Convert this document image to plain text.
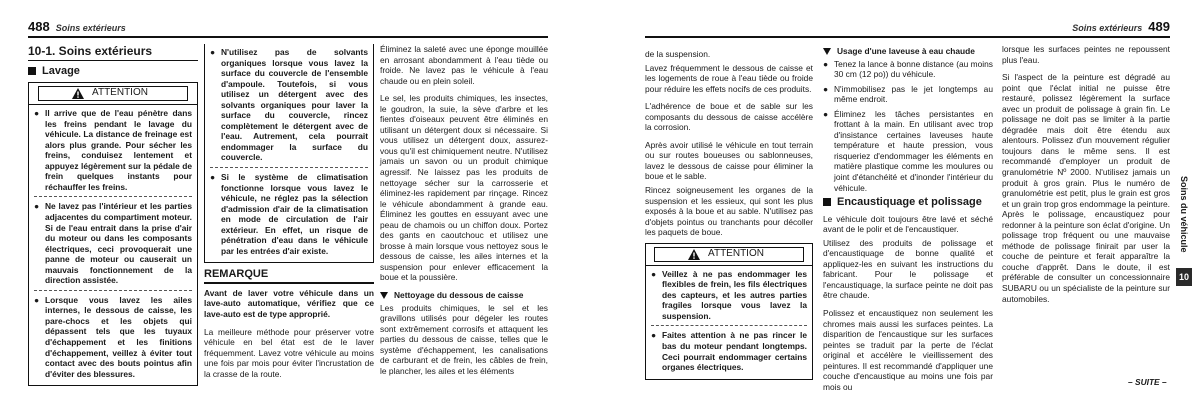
488 Soins extérieurs
10-1. Soins extérieurs
Lavage
ATTENTION
● Il arrive que de l'eau pénètre dans les freins pendant le lavage du véhicule. La distance de freinage est alors plus grande. Pour sécher les freins, conduisez lentement et appuyez légèrement sur la pédale de frein quelques instants pour réchauffer les freins.
● Ne lavez pas l'intérieur et les parties adjacentes du compartiment moteur. Si de l'eau entrait dans la prise d'air du moteur ou dans les composants électriques, ceci provoquerait une panne de moteur ou causerait un mauvais fonctionnement de la direction assistée.
● Lorsque vous lavez les ailes internes, le dessous de caisse, les pare-chocs et les objets qui dépassent tels que les tuyaux d'échappement et les finitions d'échappement, veillez à éviter tout contact avec des bouts pointus afin d'éviter des blessures.
● N'utilisez pas de solvants organiques lorsque vous lavez la surface du couvercle de l'ensemble d'ampoule. Toutefois, si vous utilisez un détergent avec des solvants organiques pour laver la surface du couvercle, rincez complètement le détergent avec de l'eau. Autrement, cela pourrait endommager la surface du couvercle.
● Si le système de climatisation fonctionne lorsque vous lavez le véhicule, ne réglez pas la sélection d'admission d'air de la climatisation en mode de circulation de l'air extérieur. En effet, un risque de pénétration d'eau dans le véhicule par les entrées d'air existe.
REMARQUE

Avant de laver votre véhicule dans un lave-auto automatique, vérifiez que ce lave-auto est de type approprié.

La meilleure méthode pour préserver votre véhicule en bel état est de le laver fréquemment. Lavez votre véhicule au moins une fois par mois pour éviter l'incrustation de la crasse de la route.

Éliminez la saleté avec une éponge mouillée en arrosant abondamment à l'eau tiède ou froide. Ne lavez pas le véhicule à l'eau chaude ou en plein soleil.

Le sel, les produits chimiques, les insectes, le goudron, la suie, la sève d'arbre et les fientes d'oiseaux peuvent être éliminés en utilisant un détergent doux si nécessaire. Si vous utilisez un détergent doux, assurez-vous qu'il est chimiquement neutre. N'utilisez jamais un savon ou un produit chimique agressif. Ne laissez pas les produits de nettoyage sécher sur la carrosserie et éliminez-les rapidement par rinçage. Rincez le véhicule abondamment à grande eau. Éliminez les gouttes en essuyant avec une peau de chamois ou un chiffon doux. Portez des gants en caoutchouc et utilisez une brosse à main lorsque vous nettoyez sous le dessous de caisse, les ailes internes et la suspension pour enlever efficacement la boue et la poussière.

Nettoyage du dessous de caisse

Les produits chimiques, le sel et les gravillons utilisés pour dégeler les routes sont extrêmement corrosifs et attaquent les parties du dessous de caisse, telles que le système d'échappement, les canalisations de carburant et de frein, les câbles de frein, le plancher, les ailes et les éléments

Soins extérieurs 489

de la suspension.

Lavez fréquemment le dessous de caisse et les logements de roue à l'eau tiède ou froide pour réduire les effets nocifs de ces produits.

L'adhérence de boue et de sable sur les composants du dessous de caisse accélère la corrosion.

Après avoir utilisé le véhicule en tout terrain ou sur routes boueuses ou sablonneuses, lavez le dessous de caisse pour éliminer la boue et le sable.

Rincez soigneusement les organes de la suspension et les essieux, qui sont les plus exposés à la boue et au sable. N'utilisez pas d'objets pointus ou tranchants pour décoller les paquets de boue.

ATTENTION
● Veillez à ne pas endommager les flexibles de frein, les fils électriques des capteurs, et les autres parties fragiles lorsque vous lavez la suspension.
● Faites attention à ne pas rincer le bas du moteur pendant longtemps. Ceci pourrait endommager certains organes électriques.
Usage d'une laveuse à eau chaude
● Tenez la lance à bonne distance (au moins 30 cm (12 po)) du véhicule.
● N'immobilisez pas le jet longtemps au même endroit.
● Éliminez les tâches persistantes en frottant à la main. En utilisant avec trop d'insistance certaines laveuses haute température et haute pression, vous risqueriez d'endommager les éléments en matière plastique comme les moulures ou joint d'étanchéité et d'inonder l'intérieur du véhicule.
Encaustiquage et polissage

Le véhicule doit toujours être lavé et séché avant de le polir et de l'encaustiquer.

Utilisez des produits de polissage et d'encaustiquage de bonne qualité et appliquez-les en suivant les instructions du fabricant. Pour le polissage et l'encaustiquage, la surface peinte ne doit pas être chaude.

Polissez et encaustiquez non seulement les chromes mais aussi les surfaces peintes. La disparition de l'encaustique sur les surfaces peintes se traduit par la perte de l'éclat original et accélère le vieillissement des peintures. Il est recommandé d'appliquer une couche d'encaustique au moins une fois par mois ou

lorsque les surfaces peintes ne repoussent plus l'eau.

Si l'aspect de la peinture est dégradé au point que l'éclat initial ne puisse être restauré, polissez légèrement la surface avec un produit de polissage à grain fin. Le polissage ne doit pas se limiter à la partie dégradée mais doit être étendu aux alentours. Polissez d'un mouvement régulier toujours dans le même sens. Il est recommandé d'employer un produit de granulométrie Nº 2000. N'utilisez jamais un produit à gros grain. Plus le numéro de granulométrie est petit, plus le grain est gros et un grain trop gros endommage la peinture. Après le polissage, encaustiquez pour redonner à la peinture son éclat d'origine. Un polissage trop fréquent ou une mauvaise méthode de polissage finirait par user la couche de peinture et ferait apparaître la couche d'apprêt. Dans le doute, il est préférable de consulter un concessionnaire SUBARU ou un spécialiste de la peinture sur automobiles.

Soins du véhicule
10
– SUITE –
